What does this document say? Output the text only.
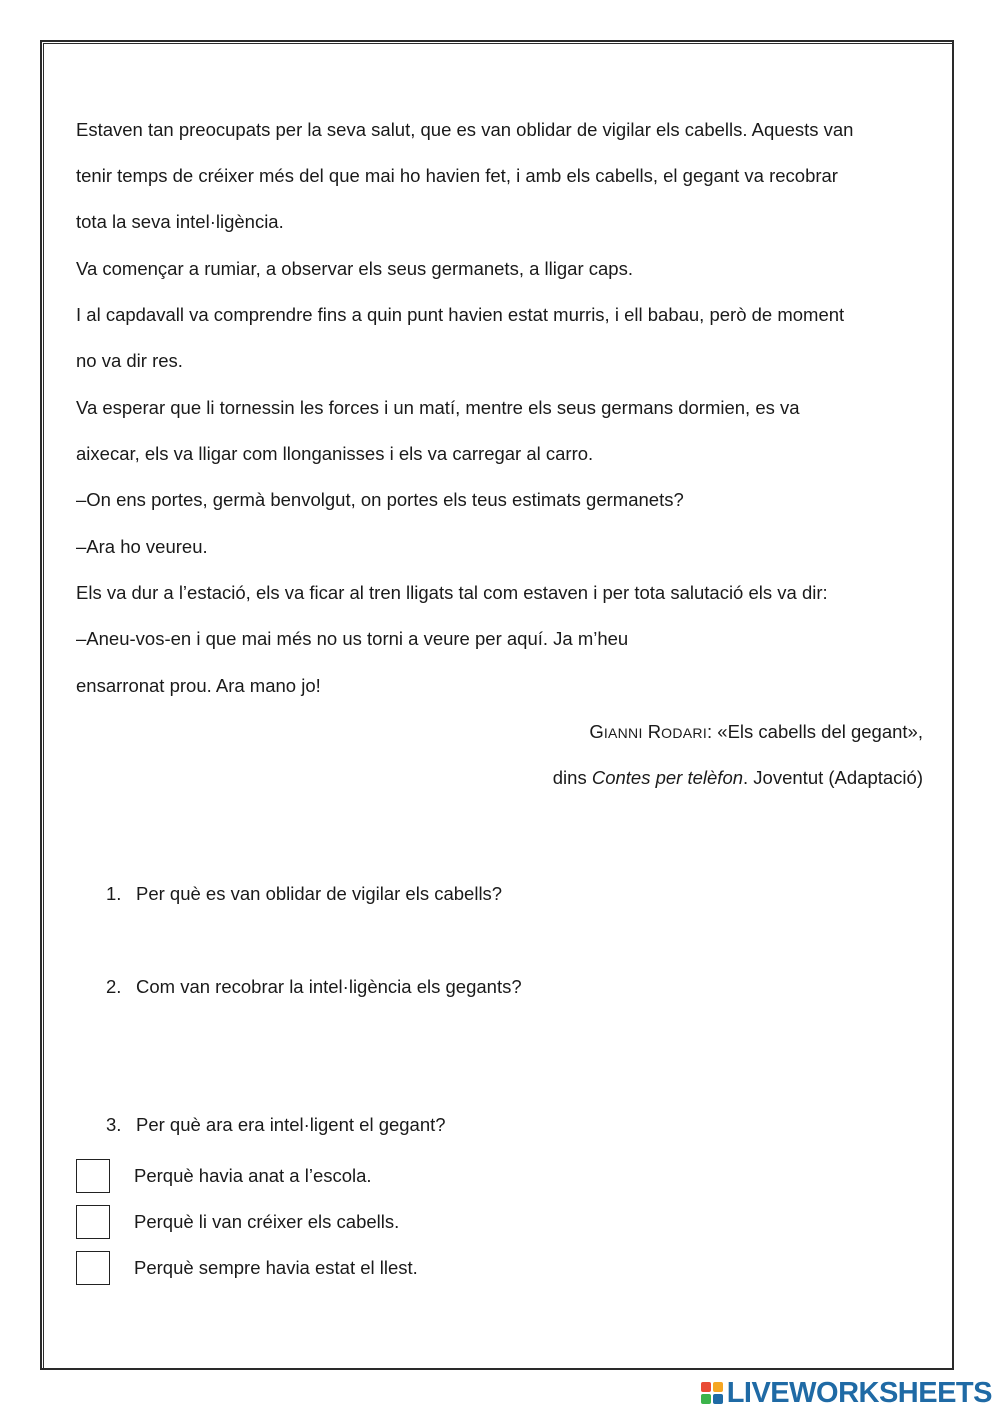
Estaven tan preocupats per la seva salut, que es van oblidar de vigilar els cabells. Aquests van

tenir temps de créixer més del que mai ho havien fet, i amb els cabells, el gegant va recobrar

tota la seva intel·ligència.

Va començar a rumiar, a observar els seus germanets, a lligar caps.

I al capdavall va comprendre fins a quin punt havien estat murris, i ell babau, però de moment

no va dir res.

Va esperar que li tornessin les forces i un matí, mentre els seus germans dormien, es va

aixecar, els va lligar com llonganisses i els va carregar al carro.

–On ens portes, germà benvolgut, on portes els teus estimats germanets?

–Ara ho veureu.

Els va dur a l’estació, els va ficar al tren lligats tal com estaven i per tota salutació els va dir:

–Aneu-vos-en i que mai més no us torni a veure per aquí. Ja m’heu

ensarronat prou. Ara mano jo!

GIANNI RODARI: «Els cabells del gegant»,
dins Contes per telèfon. Joventut (Adaptació)
1. Per què es van oblidar de vigilar els cabells?
2. Com van recobrar la intel·ligència els gegants?
3. Per què ara era intel·ligent el gegant?
Perquè havia anat a l’escola.
Perquè li van créixer els cabells.
Perquè sempre havia estat el llest.
LIVEWORKSHEETS
